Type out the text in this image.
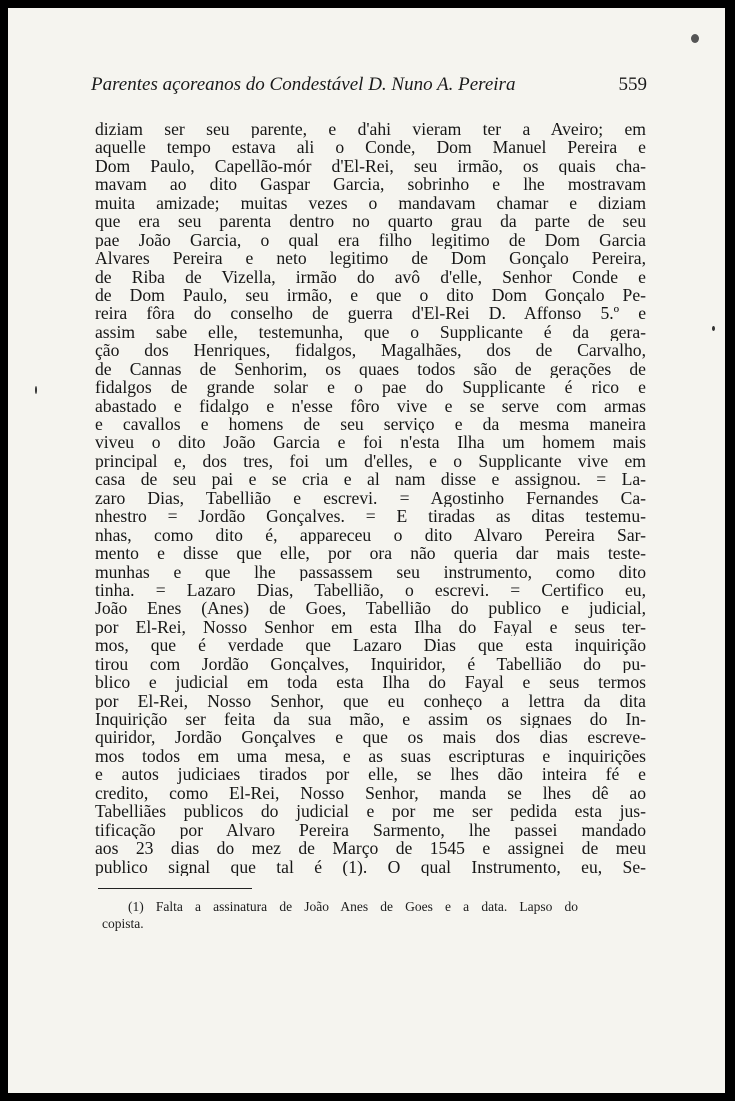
Parentes açoreanos do Condestável D. Nuno A. Pereira	559
diziam ser seu parente, e d'ahi vieram ter a Aveiro; em
aquelle tempo estava ali o Conde, Dom Manuel Pereira e
Dom Paulo, Capellão-mór d'El-Rei, seu irmão, os quais cha-
mavam ao dito Gaspar Garcia, sobrinho e lhe mostravam
muita amizade; muitas vezes o mandavam chamar e diziam
que era seu parenta dentro no quarto grau da parte de seu
pae João Garcia, o qual era filho legitimo de Dom Garcia
Alvares Pereira e neto legitimo de Dom Gonçalo Pereira,
de Riba de Vizella, irmão do avô d'elle, Senhor Conde e
de Dom Paulo, seu irmão, e que o dito Dom Gonçalo Pe-
reira fôra do conselho de guerra d'El-Rei D. Affonso 5.º e
assim sabe elle, testemunha, que o Supplicante é da gera-
ção dos Henriques, fidalgos, Magalhães, dos de Carvalho,
de Cannas de Senhorim, os quaes todos são de gerações de
fidalgos de grande solar e o pae do Supplicante é rico e
abastado e fidalgo e n'esse fôro vive e se serve com armas
e cavallos e homens de seu serviço e da mesma maneira
viveu o dito João Garcia e foi n'esta Ilha um homem mais
principal e, dos tres, foi um d'elles, e o Supplicante vive em
casa de seu pai e se cria e al nam disse e assignou. = La-
zaro Dias, Tabellião e escrevi. = Agostinho Fernandes Ca-
nhestro = Jordão Gonçalves. = E tiradas as ditas testemu-
nhas, como dito é, appareceu o dito Alvaro Pereira Sar-
mento e disse que elle, por ora não queria dar mais teste-
munhas e que lhe passassem seu instrumento, como dito
tinha. = Lazaro Dias, Tabellião, o escrevi. = Certifico eu,
João Enes (Anes) de Goes, Tabellião do publico e judicial,
por El-Rei, Nosso Senhor em esta Ilha do Fayal e seus ter-
mos, que é verdade que Lazaro Dias que esta inquirição
tirou com Jordão Gonçalves, Inquiridor, é Tabellião do pu-
blico e judicial em toda esta Ilha do Fayal e seus termos
por El-Rei, Nosso Senhor, que eu conheço a lettra da dita
Inquirição ser feita da sua mão, e assim os signaes do In-
quiridor, Jordão Gonçalves e que os mais dos dias escreve-
mos todos em uma mesa, e as suas escripturas e inquirições
e autos judiciaes tirados por elle, se lhes dão inteira fé e
credito, como El-Rei, Nosso Senhor, manda se lhes dê ao
Tabelliães publicos do judicial e por me ser pedida esta jus-
tificação por Alvaro Pereira Sarmento, lhe passei mandado
aos 23 dias do mez de Março de 1545 e assignei de meu
publico signal que tal é (1). O qual Instrumento, eu, Se-
(1) Falta a assinatura de João Anes de Goes e a data. Lapso do
copista.
